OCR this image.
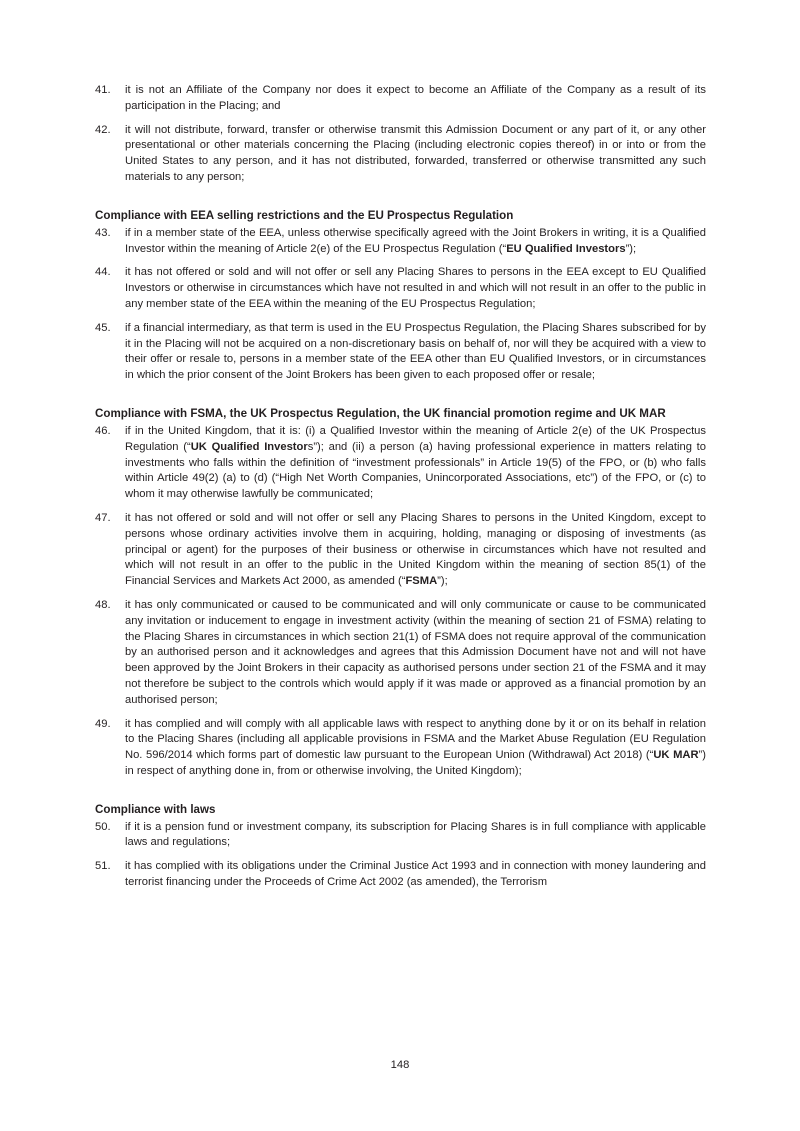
41.	it is not an Affiliate of the Company nor does it expect to become an Affiliate of the Company as a result of its participation in the Placing; and
42.	it will not distribute, forward, transfer or otherwise transmit this Admission Document or any part of it, or any other presentational or other materials concerning the Placing (including electronic copies thereof) in or into or from the United States to any person, and it has not distributed, forwarded, transferred or otherwise transmitted any such materials to any person;
Compliance with EEA selling restrictions and the EU Prospectus Regulation
43.	if in a member state of the EEA, unless otherwise specifically agreed with the Joint Brokers in writing, it is a Qualified Investor within the meaning of Article 2(e) of the EU Prospectus Regulation (“EU Qualified Investors”);
44.	it has not offered or sold and will not offer or sell any Placing Shares to persons in the EEA except to EU Qualified Investors or otherwise in circumstances which have not resulted in and which will not result in an offer to the public in any member state of the EEA within the meaning of the EU Prospectus Regulation;
45.	if a financial intermediary, as that term is used in the EU Prospectus Regulation, the Placing Shares subscribed for by it in the Placing will not be acquired on a non-discretionary basis on behalf of, nor will they be acquired with a view to their offer or resale to, persons in a member state of the EEA other than EU Qualified Investors, or in circumstances in which the prior consent of the Joint Brokers has been given to each proposed offer or resale;
Compliance with FSMA, the UK Prospectus Regulation, the UK financial promotion regime and UK MAR
46.	if in the United Kingdom, that it is: (i) a Qualified Investor within the meaning of Article 2(e) of the UK Prospectus Regulation (“UK Qualified Investors”); and (ii) a person (a) having professional experience in matters relating to investments who falls within the definition of “investment professionals” in Article 19(5) of the FPO, or (b) who falls within Article 49(2) (a) to (d) (“High Net Worth Companies, Unincorporated Associations, etc”) of the FPO, or (c) to whom it may otherwise lawfully be communicated;
47.	it has not offered or sold and will not offer or sell any Placing Shares to persons in the United Kingdom, except to persons whose ordinary activities involve them in acquiring, holding, managing or disposing of investments (as principal or agent) for the purposes of their business or otherwise in circumstances which have not resulted and which will not result in an offer to the public in the United Kingdom within the meaning of section 85(1) of the Financial Services and Markets Act 2000, as amended (“FSMA”);
48.	it has only communicated or caused to be communicated and will only communicate or cause to be communicated any invitation or inducement to engage in investment activity (within the meaning of section 21 of FSMA) relating to the Placing Shares in circumstances in which section 21(1) of FSMA does not require approval of the communication by an authorised person and it acknowledges and agrees that this Admission Document have not and will not have been approved by the Joint Brokers in their capacity as authorised persons under section 21 of the FSMA and it may not therefore be subject to the controls which would apply if it was made or approved as a financial promotion by an authorised person;
49.	it has complied and will comply with all applicable laws with respect to anything done by it or on its behalf in relation to the Placing Shares (including all applicable provisions in FSMA and the Market Abuse Regulation (EU Regulation No. 596/2014 which forms part of domestic law pursuant to the European Union (Withdrawal) Act 2018) (“UK MAR”) in respect of anything done in, from or otherwise involving, the United Kingdom);
Compliance with laws
50.	if it is a pension fund or investment company, its subscription for Placing Shares is in full compliance with applicable laws and regulations;
51.	it has complied with its obligations under the Criminal Justice Act 1993 and in connection with money laundering and terrorist financing under the Proceeds of Crime Act 2002 (as amended), the Terrorism
148
